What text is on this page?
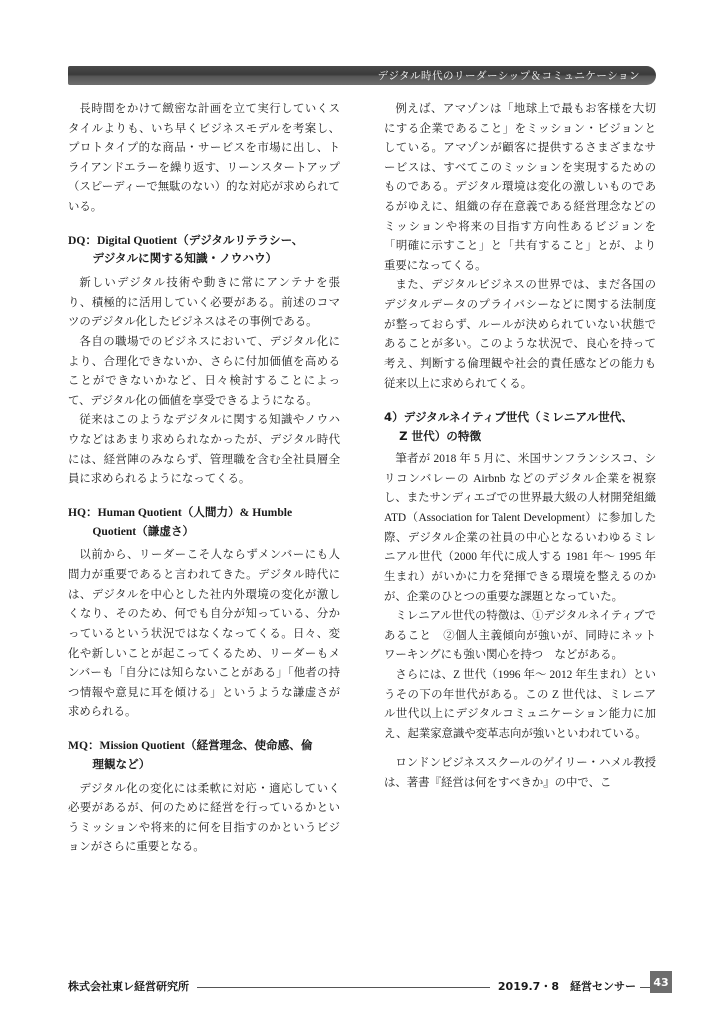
デジタル時代のリーダーシップ＆コミュニケーション

長時間をかけて緻密な計画を立て実行していくスタイルよりも、いち早くビジネスモデルを考案し、プロトタイプ的な商品・サービスを市場に出し、トライアンドエラーを繰り返す、リーンスタートアップ（スピーディーで無駄のない）的な対応が求められている。

DQ：Digital Quotient（デジタルリテラシー、
デジタルに関する知識・ノウハウ）

新しいデジタル技術や動きに常にアンテナを張り、積極的に活用していく必要がある。前述のコマツのデジタル化したビジネスはその事例である。

各自の職場でのビジネスにおいて、デジタル化により、合理化できないか、さらに付加価値を高めることができないかなど、日々検討することによって、デジタル化の価値を享受できるようになる。

従来はこのようなデジタルに関する知識やノウハウなどはあまり求められなかったが、デジタル時代には、経営陣のみならず、管理職を含む全社員層全員に求められるようになってくる。

HQ：Human Quotient（人間力）& Humble
Quotient（謙虚さ）

以前から、リーダーこそ人ならずメンバーにも人間力が重要であると言われてきた。デジタル時代には、デジタルを中心とした社内外環境の変化が激しくなり、そのため、何でも自分が知っている、分かっているという状況ではなくなってくる。日々、変化や新しいことが起こってくるため、リーダーもメンバーも「自分には知らないことがある」「他者の持つ情報や意見に耳を傾ける」というような謙虚さが求められる。

MQ：Mission Quotient（経営理念、使命感、倫
理観など）

デジタル化の変化には柔軟に対応・適応していく必要があるが、何のために経営を行っているかというミッションや将来的に何を目指すのかというビジョンがさらに重要となる。

例えば、アマゾンは「地球上で最もお客様を大切にする企業であること」をミッション・ビジョンとしている。アマゾンが顧客に提供するさまざまなサービスは、すべてこのミッションを実現するためのものである。デジタル環境は変化の激しいものであるがゆえに、組織の存在意義である経営理念などのミッションや将来の目指す方向性あるビジョンを「明確に示すこと」と「共有すること」とが、より重要になってくる。

また、デジタルビジネスの世界では、まだ各国のデジタルデータのプライバシーなどに関する法制度が整っておらず、ルールが決められていない状態であることが多い。このような状況で、良心を持って考え、判断する倫理観や社会的責任感などの能力も従来以上に求められてくる。

4）デジタルネイティブ世代（ミレニアル世代、
Z 世代）の特徴

筆者が 2018 年 5 月に、米国サンフランシスコ、シリコンバレーの Airbnb などのデジタル企業を視察し、またサンディエゴでの世界最大級の人材開発組織 ATD（Association for Talent Development）に参加した際、デジタル企業の社員の中心となるいわゆるミレニアル世代（2000 年代に成人する 1981 年〜 1995 年生まれ）がいかに力を発揮できる環境を整えるのかが、企業のひとつの重要な課題となっていた。

ミレニアル世代の特徴は、①デジタルネイティブであること　②個人主義傾向が強いが、同時にネットワーキングにも強い関心を持つ　などがある。

さらには、Z 世代（1996 年〜 2012 年生まれ）というその下の年世代がある。この Z 世代は、ミレニアル世代以上にデジタルコミュニケーション能力に加え、起業家意識や変革志向が強いといわれている。

ロンドンビジネススクールのゲイリー・ハメル教授は、著書『経営は何をすべきか』の中で、こ

株式会社東レ経営研究所	2019.7・8　経営センサー	43
